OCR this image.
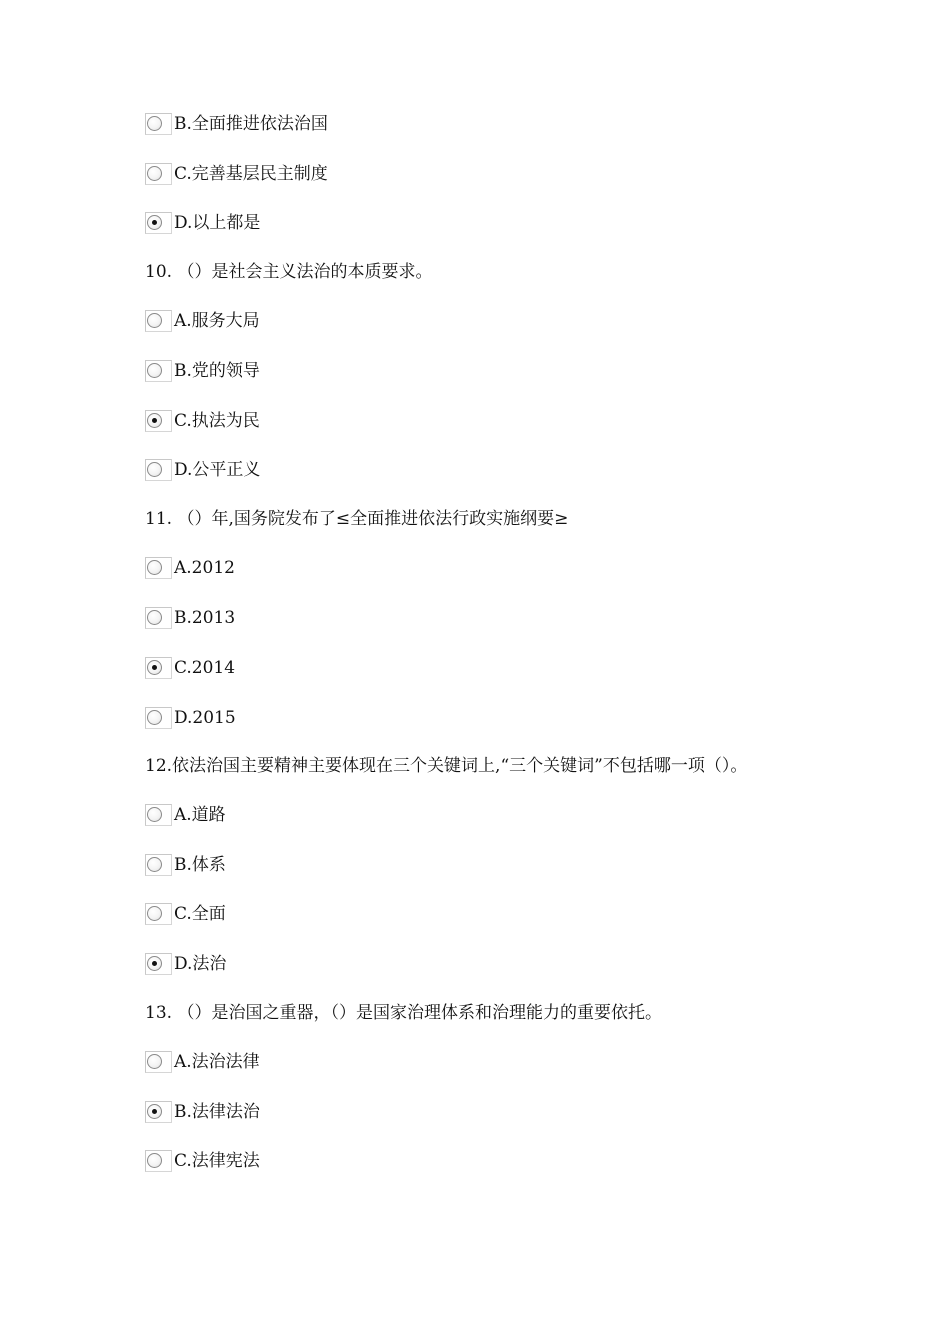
B.全面推进依法治国
C.完善基层民主制度
D.以上都是
10. （）是社会主义法治的本质要求。
A.服务大局
B.党的领导
C.执法为民
D.公平正义
11. （）年,国务院发布了≤全面推进依法行政实施纲要≥
A.2012
B.2013
C.2014
D.2015
12.依法治国主要精神主要体现在三个关键词上,“三个关键词”不包括哪一项（）。
A.道路
B.体系
C.全面
D.法治
13. （）是治国之重器，（）是国家治理体系和治理能力的重要依托。
A.法治法律
B.法律法治
C.法律宪法
